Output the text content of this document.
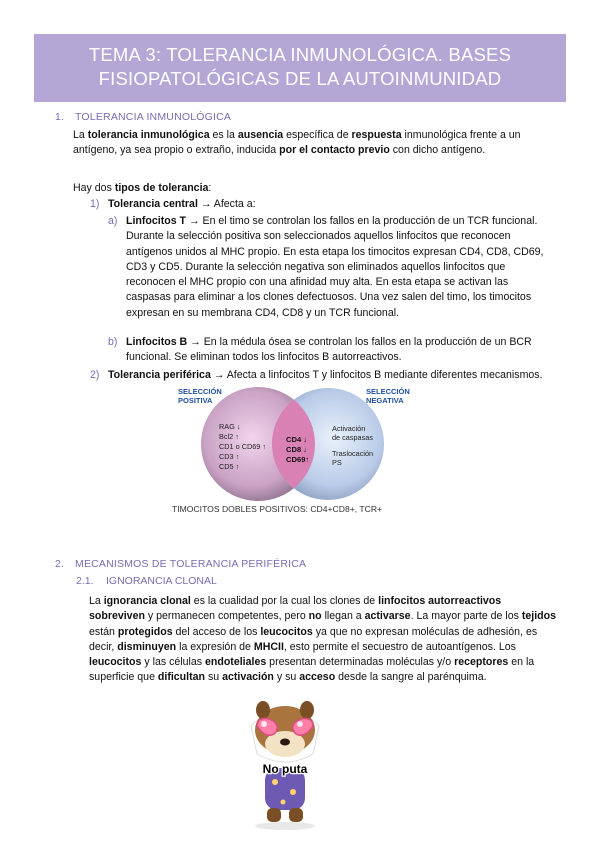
TEMA 3: TOLERANCIA INMUNOLÓGICA. BASES
FISIOPATOLÓGICAS DE LA AUTOINMUNIDAD
1. TOLERANCIA INMUNOLÓGICA
La tolerancia inmunológica es la ausencia específica de respuesta inmunológica frente a un antígeno, ya sea propio o extraño, inducida por el contacto previo con dicho antígeno.
Hay dos tipos de tolerancia:
1) Tolerancia central → Afecta a:
a) Linfocitos T → En el timo se controlan los fallos en la producción de un TCR funcional. Durante la selección positiva son seleccionados aquellos linfocitos que reconocen antígenos unidos al MHC propio. En esta etapa los timocitos expresan CD4, CD8, CD69, CD3 y CD5. Durante la selección negativa son eliminados aquellos linfocitos que reconocen el MHC propio con una afinidad muy alta. En esta etapa se activan las caspasas para eliminar a los clones defectuosos. Una vez salen del timo, los timocitos expresan en su membrana CD4, CD8 y un TCR funcional.
b) Linfocitos B → En la médula ósea se controlan los fallos en la producción de un BCR funcional. Se eliminan todos los linfocitos B autorreactivos.
2) Tolerancia periférica → Afecta a linfocitos T y linfocitos B mediante diferentes mecanismos.
SELECCIÓN
POSITIVA
SELECCIÓN
NEGATIVA
RAG ↓
Bcl2 ↑
CD1 o CD69 ↑
CD3 ↑
CD5 ↑
CD4 ↓
CD8 ↓
CD69↑
Activación
de caspasas
Traslocación
PS
TIMOCITOS DOBLES POSITIVOS: CD4+CD8+, TCR+
2. MECANISMOS DE TOLERANCIA PERIFÉRICA
2.1. IGNORANCIA CLONAL
La ignorancia clonal es la cualidad por la cual los clones de linfocitos autorreactivos sobreviven y permanecen competentes, pero no llegan a activarse. La mayor parte de los tejidos están protegidos del acceso de los leucocitos ya que no expresan moléculas de adhesión, es decir, disminuyen la expresión de MHCII, esto permite el secuestro de autoantígenos. Los leucocitos y las células endoteliales presentan determinadas moléculas y/o receptores en la superficie que dificultan su activación y su acceso desde la sangre al parénquima.
No puta
